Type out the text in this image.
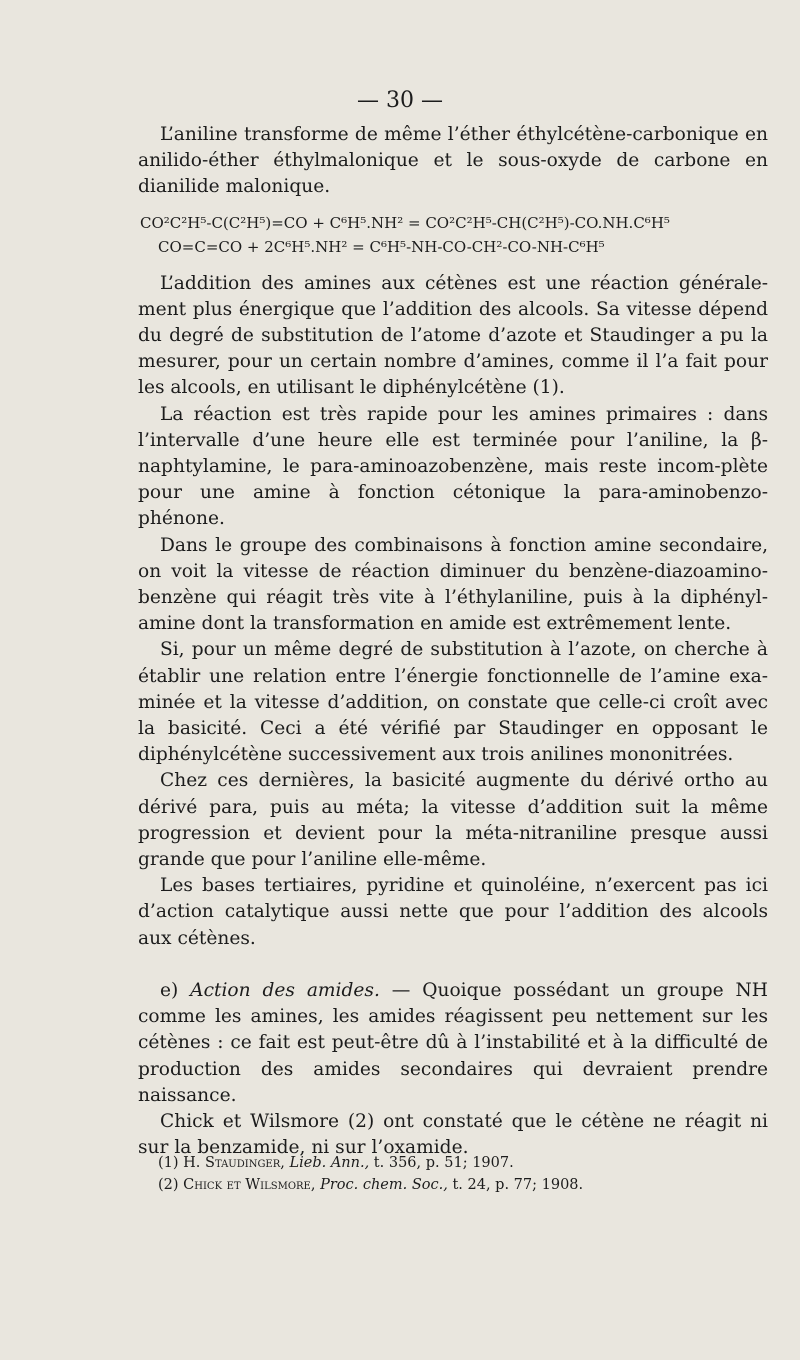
— 30 —

L’aniline transforme de même l’éther éthylcétène-carbonique en anilido-éther éthylmalonique et le sous-oxyde de carbone en dianilide malonique.

CO²C²H⁵-C(C²H⁵)=CO + C⁶H⁵.NH² = CO²C²H⁵-CH(C²H⁵)-CO.NH.C⁶H⁵

CO=C=CO + 2C⁶H⁵.NH² = C⁶H⁵-NH-CO-CH²-CO-NH-C⁶H⁵

L’addition des amines aux cétènes est une réaction générale-ment plus énergique que l’addition des alcools. Sa vitesse dépend du degré de substitution de l’atome d’azote et Staudinger a pu la mesurer, pour un certain nombre d’amines, comme il l’a fait pour les alcools, en utilisant le diphénylcétène (1).

La réaction est très rapide pour les amines primaires : dans l’intervalle d’une heure elle est terminée pour l’aniline, la β-naphtylamine, le para-aminoazobenzène, mais reste incom-plète pour une amine à fonction cétonique la para-aminobenzo-phénone.

Dans le groupe des combinaisons à fonction amine secondaire, on voit la vitesse de réaction diminuer du benzène-diazoamino-benzène qui réagit très vite à l’éthylaniline, puis à la diphényl-amine dont la transformation en amide est extrêmement lente.

Si, pour un même degré de substitution à l’azote, on cherche à établir une relation entre l’énergie fonctionnelle de l’amine exa-minée et la vitesse d’addition, on constate que celle-ci croît avec la basicité. Ceci a été vérifié par Staudinger en opposant le diphénylcétène successivement aux trois anilines mononitrées.

Chez ces dernières, la basicité augmente du dérivé ortho au dérivé para, puis au méta; la vitesse d’addition suit la même progression et devient pour la méta-nitraniline presque aussi grande que pour l’aniline elle-même.

Les bases tertiaires, pyridine et quinoléine, n’exercent pas ici d’action catalytique aussi nette que pour l’addition des alcools aux cétènes.

e) Action des amides. — Quoique possédant un groupe NH comme les amines, les amides réagissent peu nettement sur les cétènes : ce fait est peut-être dû à l’instabilité et à la difficulté de production des amides secondaires qui devraient prendre naissance.

Chick et Wilsmore (2) ont constaté que le cétène ne réagit ni sur la benzamide, ni sur l’oxamide.

(1) H. Staudinger, Lieb. Ann., t. 356, p. 51; 1907.
(2) Chick et Wilsmore, Proc. chem. Soc., t. 24, p. 77; 1908.
